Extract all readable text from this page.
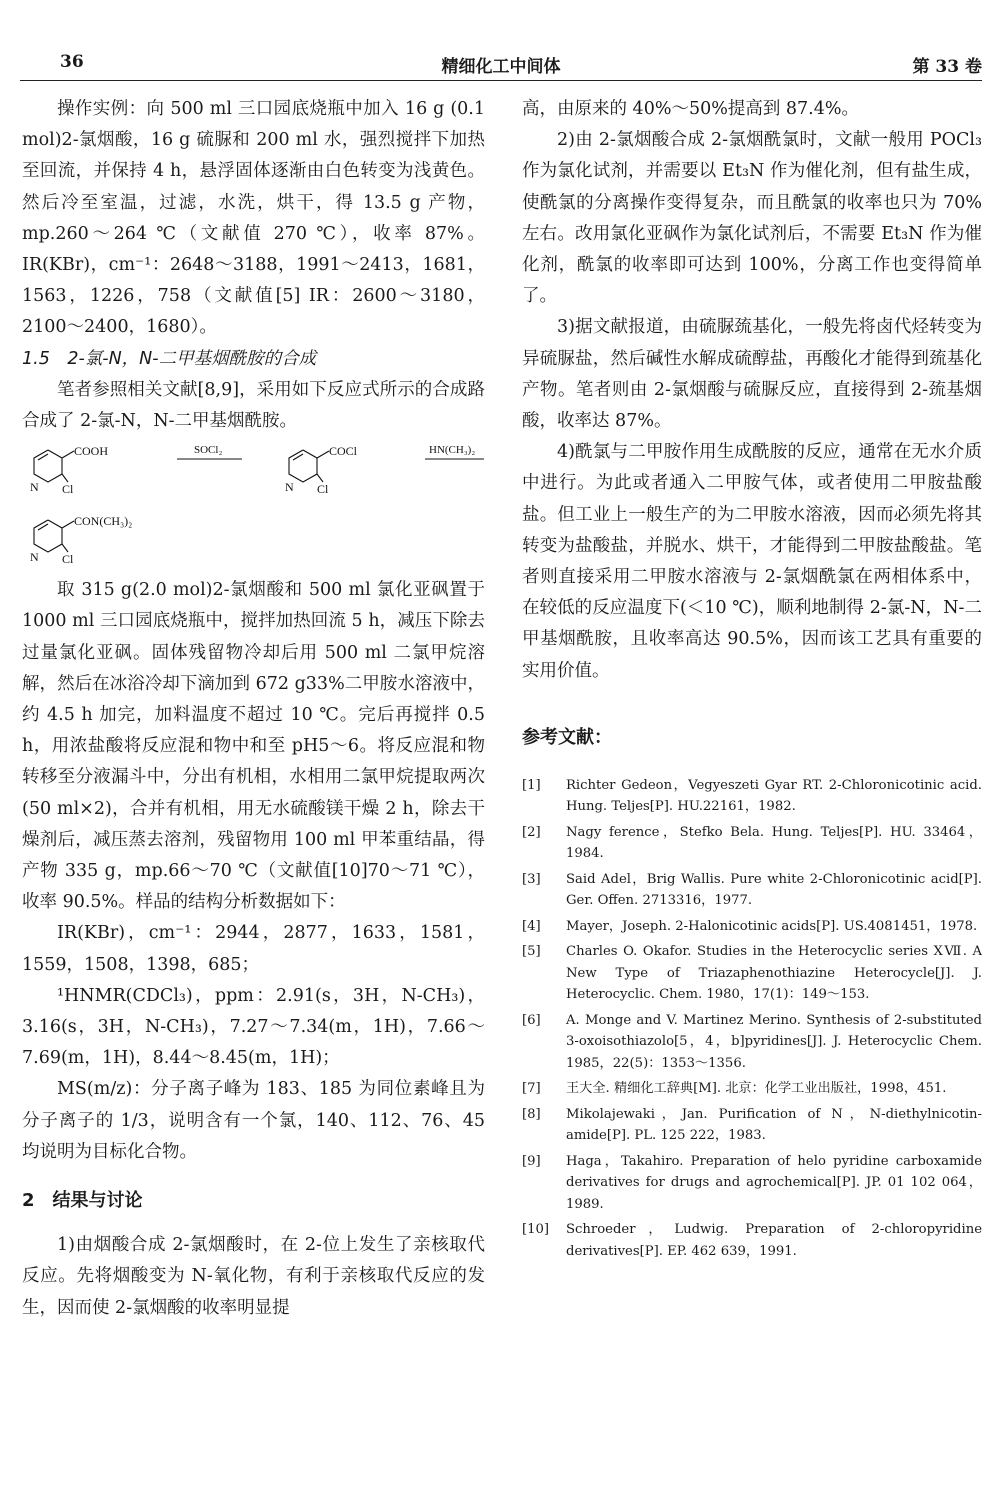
36	精细化工中间体	第 33 卷

操作实例：向 500 ml 三口园底烧瓶中加入 16 g (0.1 mol)2-氯烟酸，16 g 硫脲和 200 ml 水，强烈搅拌下加热至回流，并保持 4 h，悬浮固体逐渐由白色转变为浅黄色。然后冷至室温，过滤，水洗，烘干，得 13.5 g 产物，mp.260～264 ℃（文献值 270 ℃），收率 87%。IR(KBr)，cm⁻¹：2648～3188，1991～2413，1681，1563，1226，758（文献值[5] IR：2600～3180，2100～2400，1680）。

1.5　2-氯-N，N-二甲基烟酰胺的合成

笔者参照相关文献[8,9]，采用如下反应式所示的合成路合成了 2-氯-N，N-二甲基烟酰胺。

COOH
Cl
N
SOCl₂	COCl
Cl
N
HN(CH₃)₂
CON(CH₃)₂
Cl
N

取 315 g(2.0 mol)2-氯烟酸和 500 ml 氯化亚砜置于 1000 ml 三口园底烧瓶中，搅拌加热回流 5 h，减压下除去过量氯化亚砜。固体残留物冷却后用 500 ml 二氯甲烷溶解，然后在冰浴冷却下滴加到 672 g33%二甲胺水溶液中，约 4.5 h 加完，加料温度不超过 10 ℃。完后再搅拌 0.5 h，用浓盐酸将反应混和物中和至 pH5～6。将反应混和物转移至分液漏斗中，分出有机相，水相用二氯甲烷提取两次(50 ml×2)，合并有机相，用无水硫酸镁干燥 2 h，除去干燥剂后，减压蒸去溶剂，残留物用 100 ml 甲苯重结晶，得产物 335 g，mp.66～70 ℃（文献值[10]70～71 ℃），收率 90.5%。样品的结构分析数据如下：

IR(KBr)，cm⁻¹：2944，2877，1633，1581，1559，1508，1398，685；

¹HNMR(CDCl₃)，ppm：2.91(s，3H，N-CH₃)，3.16(s，3H，N-CH₃)，7.27～7.34(m，1H)，7.66～7.69(m，1H)，8.44～8.45(m，1H)；

MS(m/z)：分子离子峰为 183、185 为同位素峰且为分子离子的 1/3，说明含有一个氯，140、112、76、45 均说明为目标化合物。

2　结果与讨论

1)由烟酸合成 2-氯烟酸时，在 2-位上发生了亲核取代反应。先将烟酸变为 N-氧化物，有利于亲核取代反应的发生，因而使 2-氯烟酸的收率明显提

高，由原来的 40%～50%提高到 87.4%。

2)由 2-氯烟酸合成 2-氯烟酰氯时，文献一般用 POCl₃ 作为氯化试剂，并需要以 Et₃N 作为催化剂，但有盐生成，使酰氯的分离操作变得复杂，而且酰氯的收率也只为 70%左右。改用氯化亚砜作为氯化试剂后，不需要 Et₃N 作为催化剂，酰氯的收率即可达到 100%，分离工作也变得简单了。

3)据文献报道，由硫脲巯基化，一般先将卤代烃转变为异硫脲盐，然后碱性水解成硫醇盐，再酸化才能得到巯基化产物。笔者则由 2-氯烟酸与硫脲反应，直接得到 2-巯基烟酸，收率达 87%。

4)酰氯与二甲胺作用生成酰胺的反应，通常在无水介质中进行。为此或者通入二甲胺气体，或者使用二甲胺盐酸盐。但工业上一般生产的为二甲胺水溶液，因而必须先将其转变为盐酸盐，并脱水、烘干，才能得到二甲胺盐酸盐。笔者则直接采用二甲胺水溶液与 2-氯烟酰氯在两相体系中，在较低的反应温度下(＜10 ℃)，顺利地制得 2-氯-N，N-二甲基烟酰胺，且收率高达 90.5%，因而该工艺具有重要的实用价值。

参考文献：
[1] Richter Gedeon，Vegyeszeti Gyar RT. 2-Chloronicotinic acid. Hung. Teljes[P]. HU.22161，1982.
[2] Nagy ference，Stefko Bela. Hung. Teljes[P]. HU. 33464，1984.
[3] Said Adel，Brig Wallis. Pure white 2-Chloronicotinic acid[P]. Ger. Offen. 2713316，1977.
[4] Mayer，Joseph. 2-Halonicotinic acids[P]. US.4081451，1978.
[5] Charles O. Okafor. Studies in the Heterocyclic series ⅩⅦ. A New Type of Triazaphenothiazine Heterocycle[J]. J. Heterocyclic. Chem. 1980，17(1)：149～153.
[6] A. Monge and V. Martinez Merino. Synthesis of 2-substituted 3-oxoisothiazolo[5，4，b]pyridines[J]. J. Heterocyclic Chem. 1985，22(5)：1353～1356.
[7] 王大全. 精细化工辞典[M]. 北京：化学工业出版社，1998，451.
[8] Mikolajewaki，Jan. Purification of N，N-diethylnicotin-amide[P]. PL. 125 222，1983.
[9] Haga，Takahiro. Preparation of helo pyridine carboxamide derivatives for drugs and agrochemical[P]. JP. 01 102 064，1989.
[10] Schroeder，Ludwig. Preparation of 2-chloropyridine derivatives[P]. EP. 462 639，1991.
